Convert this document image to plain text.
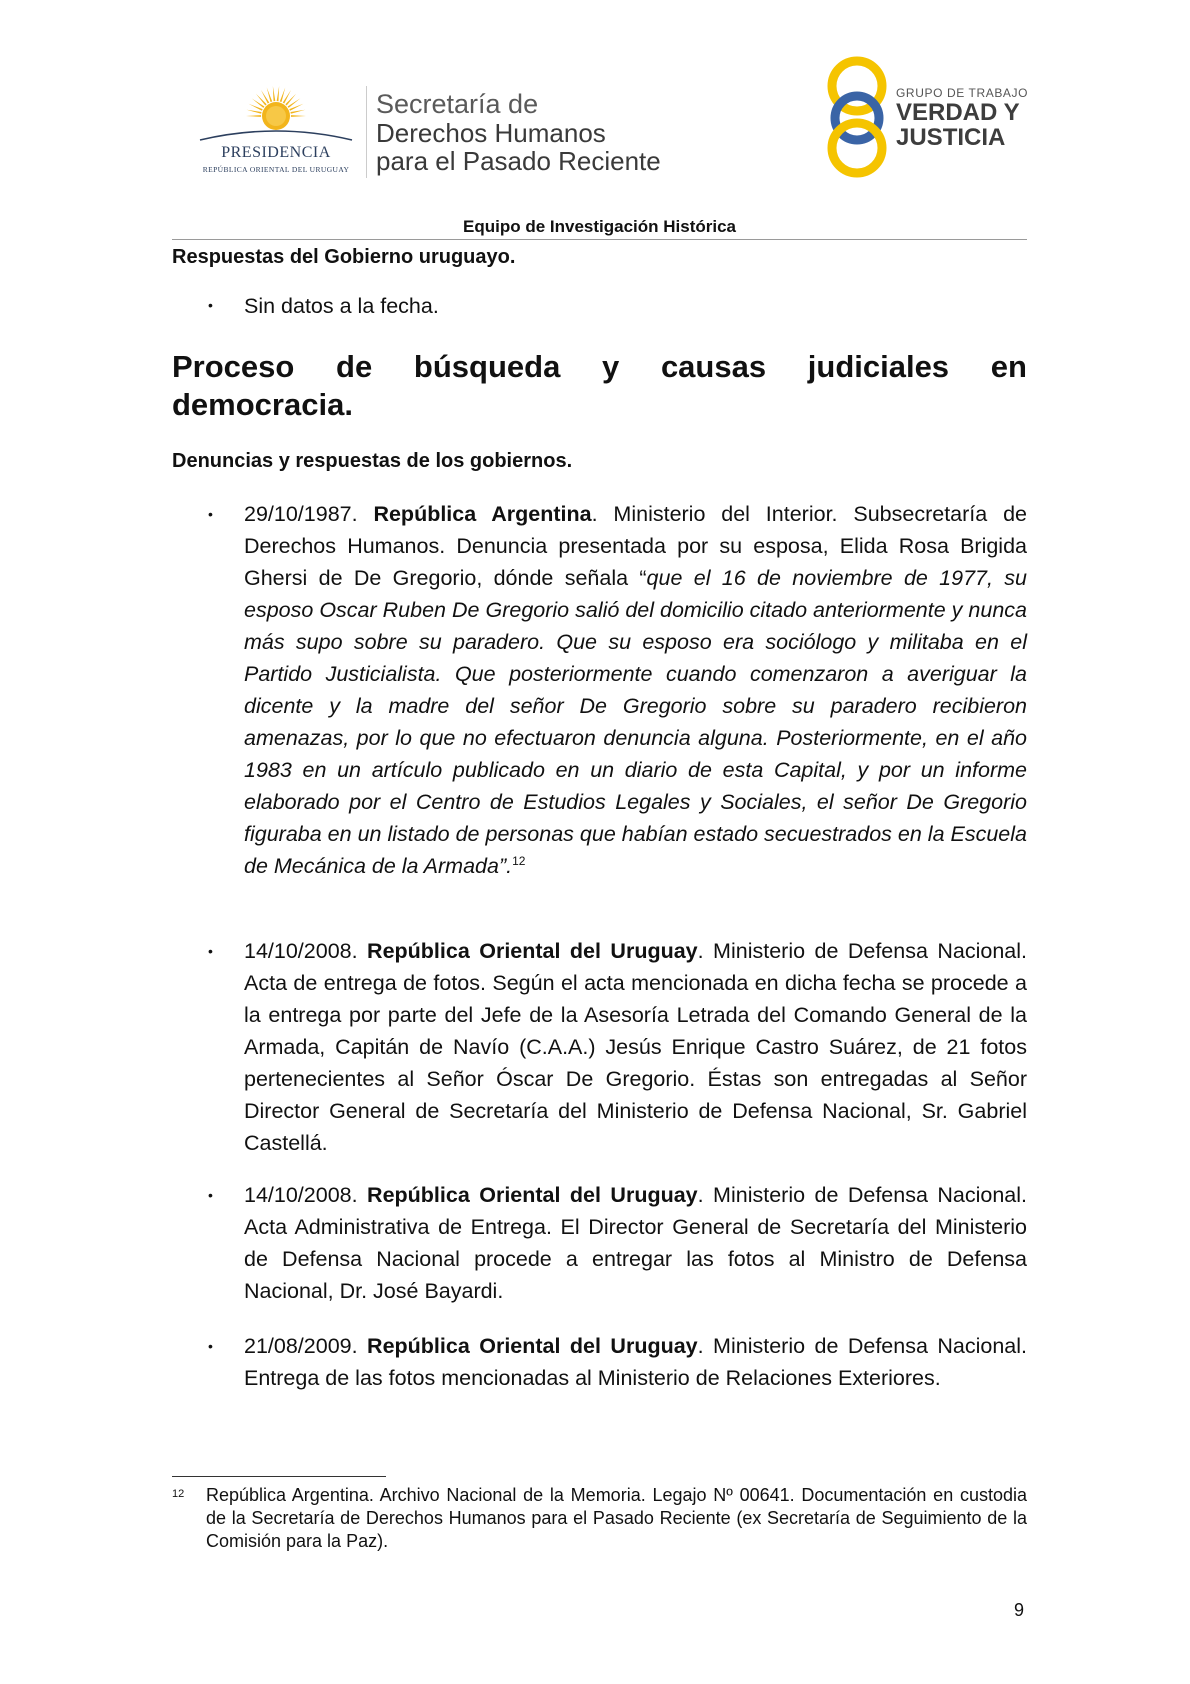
PRESIDENCIA
REPÚBLICA ORIENTAL DEL URUGUAY
Secretaría de
Derechos Humanos
para el Pasado Reciente
GRUPO DE TRABAJO
VERDAD Y
JUSTICIA
Equipo de Investigación Histórica
Respuestas del Gobierno uruguayo.
• Sin datos a la fecha.
Proceso de búsqueda y causas judiciales en
democracia.
Denuncias y respuestas de los gobiernos.
• 29/10/1987. República Argentina. Ministerio del Interior. Subsecretaría de Derechos Humanos. Denuncia presentada por su esposa, Elida Rosa Brigida Ghersi de De Gregorio, dónde señala “que el 16 de noviembre de 1977, su esposo Oscar Ruben De Gregorio salió del domicilio citado anteriormente y nunca más supo sobre su paradero. Que su esposo era sociólogo y militaba en el Partido Justicialista. Que posteriormente cuando comenzaron a averiguar la dicente y la madre del señor De Gregorio sobre su paradero recibieron amenazas, por lo que no efectuaron denuncia alguna. Posteriormente, en el año 1983 en un artículo publicado en un diario de esta Capital, y por un informe elaborado por el Centro de Estudios Legales y Sociales, el señor De Gregorio figuraba en un listado de personas que habían estado secuestrados en la Escuela de Mecánica de la Armada”.$^{12}$
• 14/10/2008. República Oriental del Uruguay. Ministerio de Defensa Nacional. Acta de entrega de fotos. Según el acta mencionada en dicha fecha se procede a la entrega por parte del Jefe de la Asesoría Letrada del Comando General de la Armada, Capitán de Navío (C.A.A.) Jesús Enrique Castro Suárez, de 21 fotos pertenecientes al Señor Óscar De Gregorio. Éstas son entregadas al Señor Director General de Secretaría del Ministerio de Defensa Nacional, Sr. Gabriel Castellá.
• 14/10/2008. República Oriental del Uruguay. Ministerio de Defensa Nacional. Acta Administrativa de Entrega. El Director General de Secretaría del Ministerio de Defensa Nacional procede a entregar las fotos al Ministro de Defensa Nacional, Dr. José Bayardi.
• 21/08/2009. República Oriental del Uruguay. Ministerio de Defensa Nacional. Entrega de las fotos mencionadas al Ministerio de Relaciones Exteriores.
12 República Argentina. Archivo Nacional de la Memoria. Legajo Nº 00641. Documentación en custodia de la Secretaría de Derechos Humanos para el Pasado Reciente (ex Secretaría de Seguimiento de la Comisión para la Paz).
9
